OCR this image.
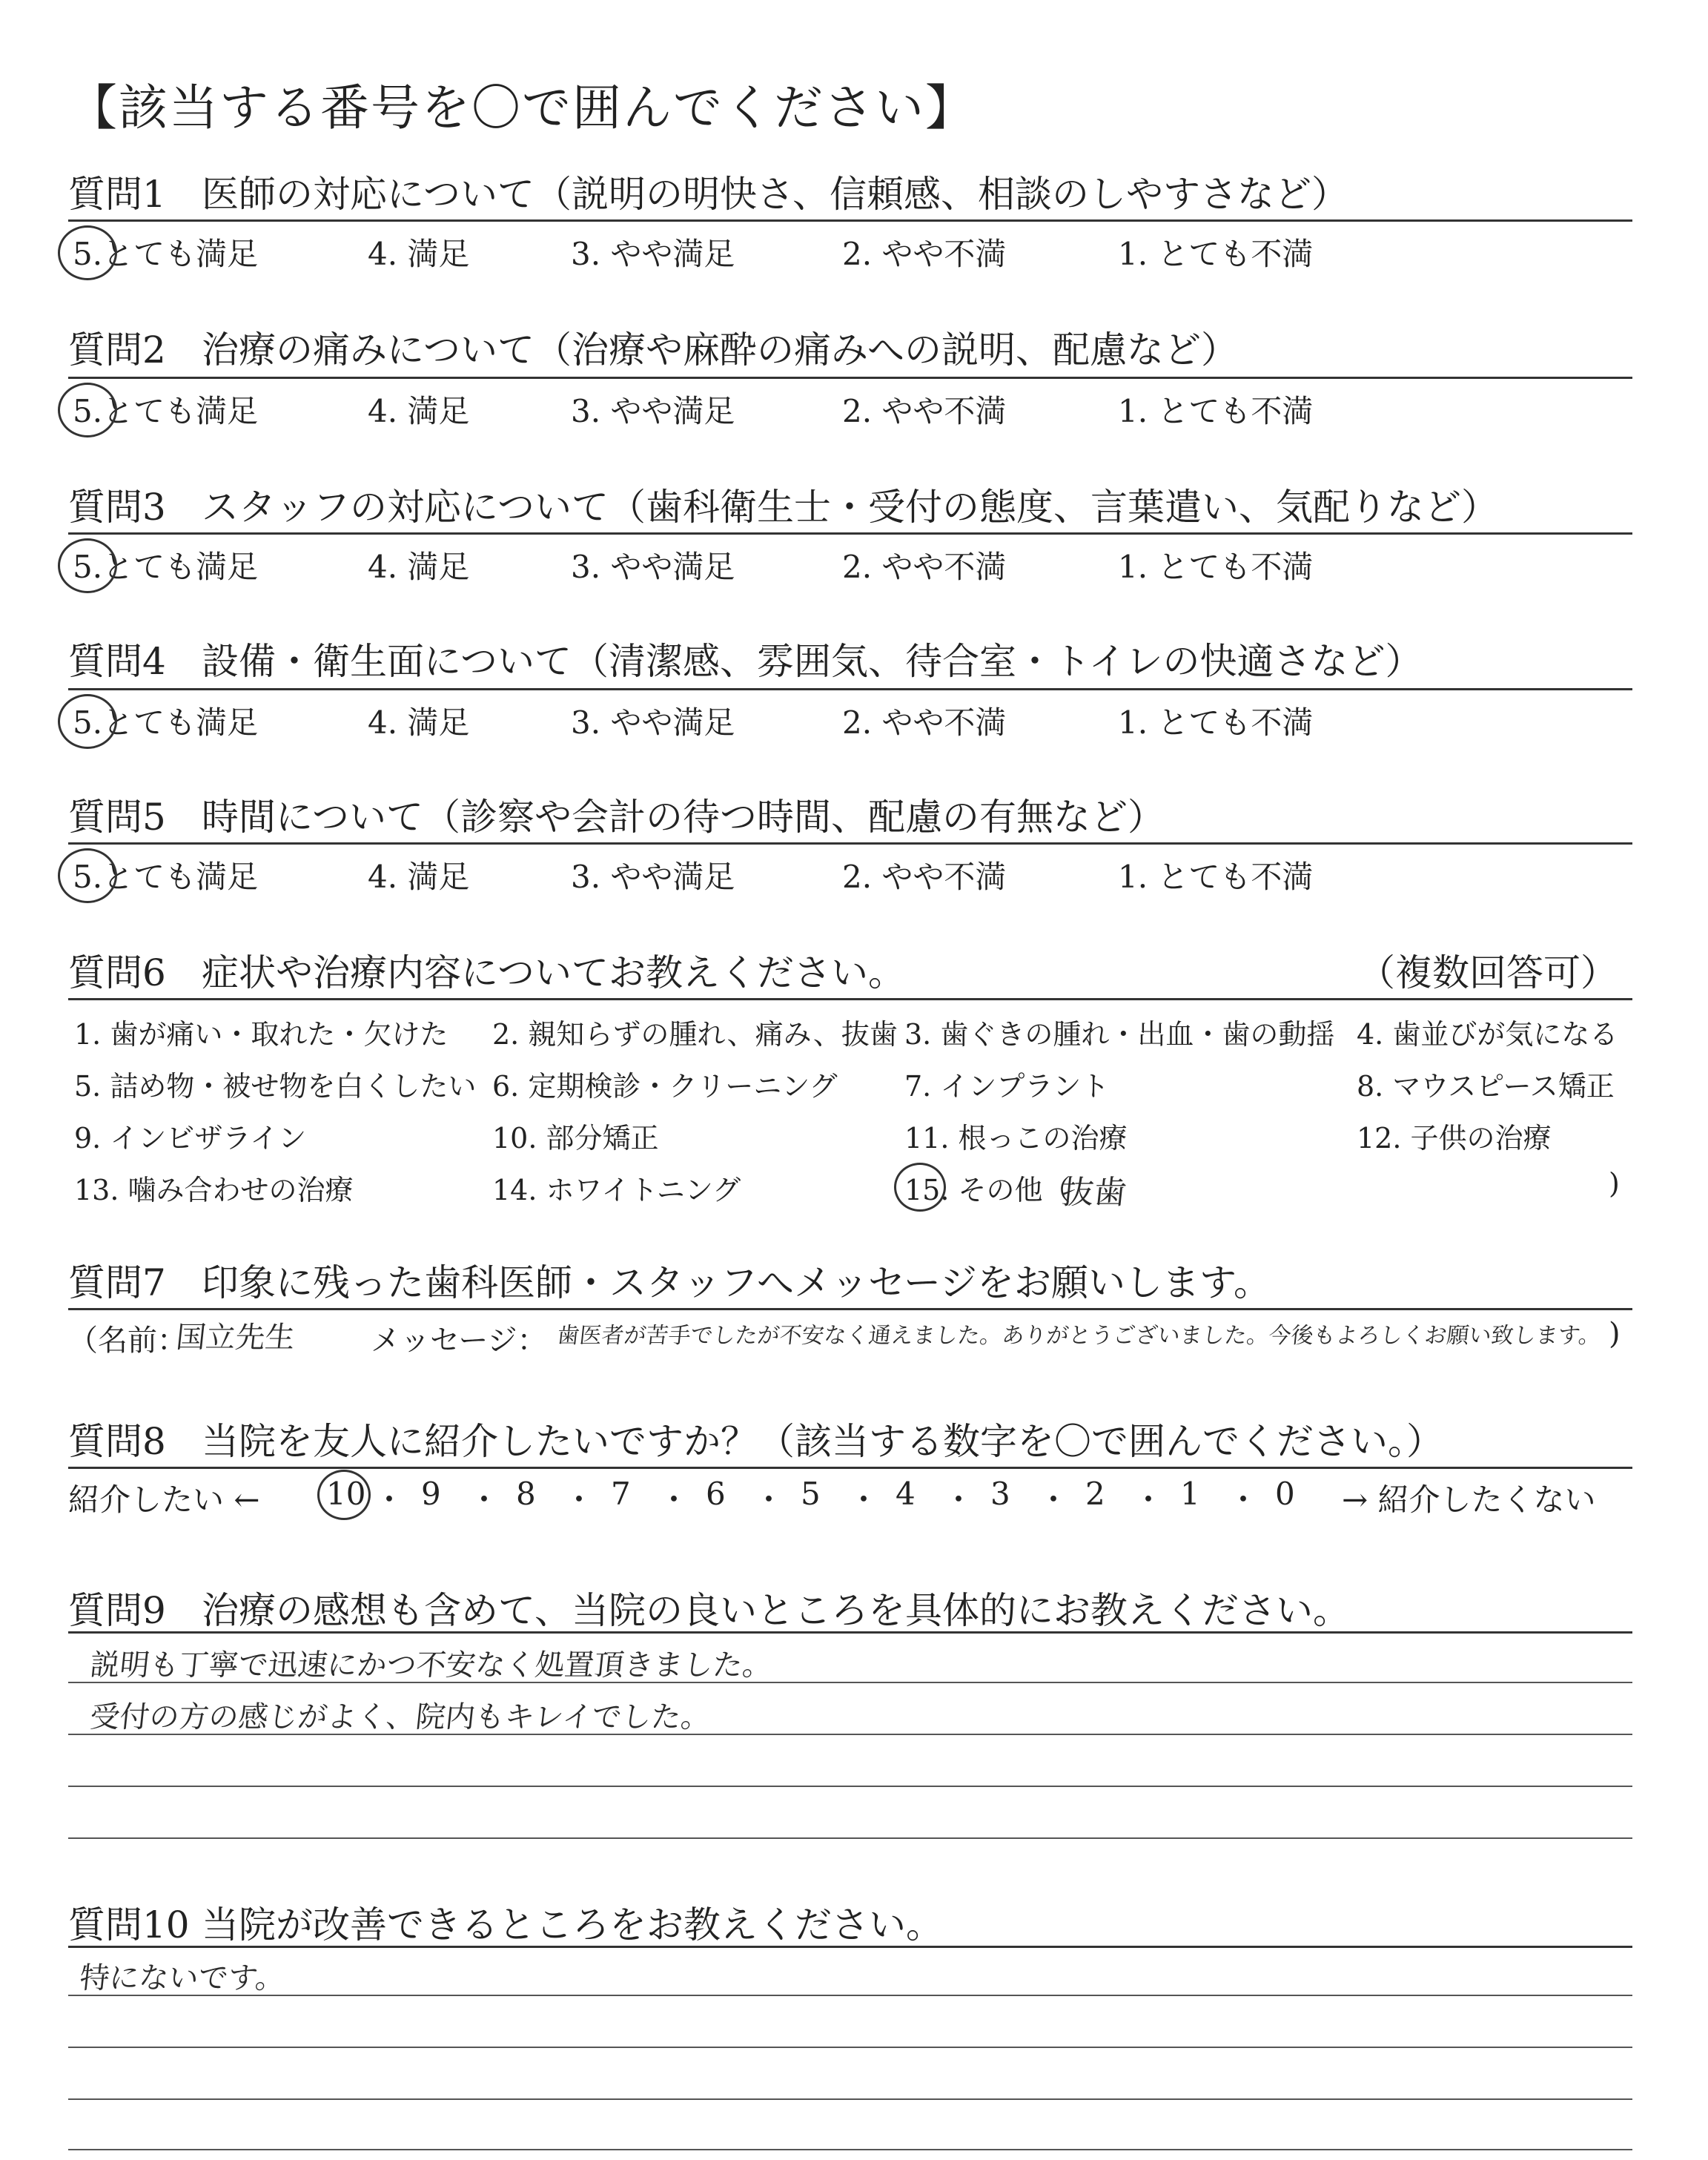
【該当する番号を〇で囲んでください】
質問1 医師の対応について（説明の明快さ、信頼感、相談のしやすさなど）
5.とても満足	4. 満足	3. やや満足	2. やや不満	1. とても不満
質問2 治療の痛みについて（治療や麻酔の痛みへの説明、配慮など）
5.とても満足	4. 満足	3. やや満足	2. やや不満	1. とても不満
質問3 スタッフの対応について（歯科衛生士・受付の態度、言葉遣い、気配りなど）
5.とても満足	4. 満足	3. やや満足	2. やや不満	1. とても不満
質問4 設備・衛生面について（清潔感、雰囲気、待合室・トイレの快適さなど）
5.とても満足	4. 満足	3. やや満足	2. やや不満	1. とても不満
質問5 時間について（診察や会計の待つ時間、配慮の有無など）
5.とても満足	4. 満足	3. やや満足	2. やや不満	1. とても不満
質問6 症状や治療内容についてお教えください。	（複数回答可）
1. 歯が痛い・取れた・欠けた 2. 親知らずの腫れ、痛み、抜歯 3. 歯ぐきの腫れ・出血・歯の動揺 4. 歯並びが気になる
5. 詰め物・被せ物を白くしたい 6. 定期検診・クリーニング 7. インプラント	8. マウスピース矯正
9. インビザライン	10. 部分矯正	11. 根っこの治療	12. 子供の治療
13. 噛み合わせの治療	14. ホワイトニング	15. その他（
抜歯	)
質問7 印象に残った歯科医師・スタッフへメッセージをお願いします。
（名前：
国立先生 メッセージ： 歯医者が苦手でしたが不安なく通えました。ありがとうございました。今後もよろしくお願い致します。 )
質問8 当院を友人に紹介したいですか？（該当する数字を〇で囲んでください。）
紹介したい ← 10 ・ 9 ・ 8 ・ 7 ・ 6 ・ 5 ・ 4 ・ 3 ・ 2 ・ 1 ・ 0 → 紹介したくない
質問9 治療の感想も含めて、当院の良いところを具体的にお教えください。
説明も丁寧で迅速にかつ不安なく処置頂きました。
受付の方の感じがよく、院内もキレイでした。
質問10 当院が改善できるところをお教えください。
特にないです。
